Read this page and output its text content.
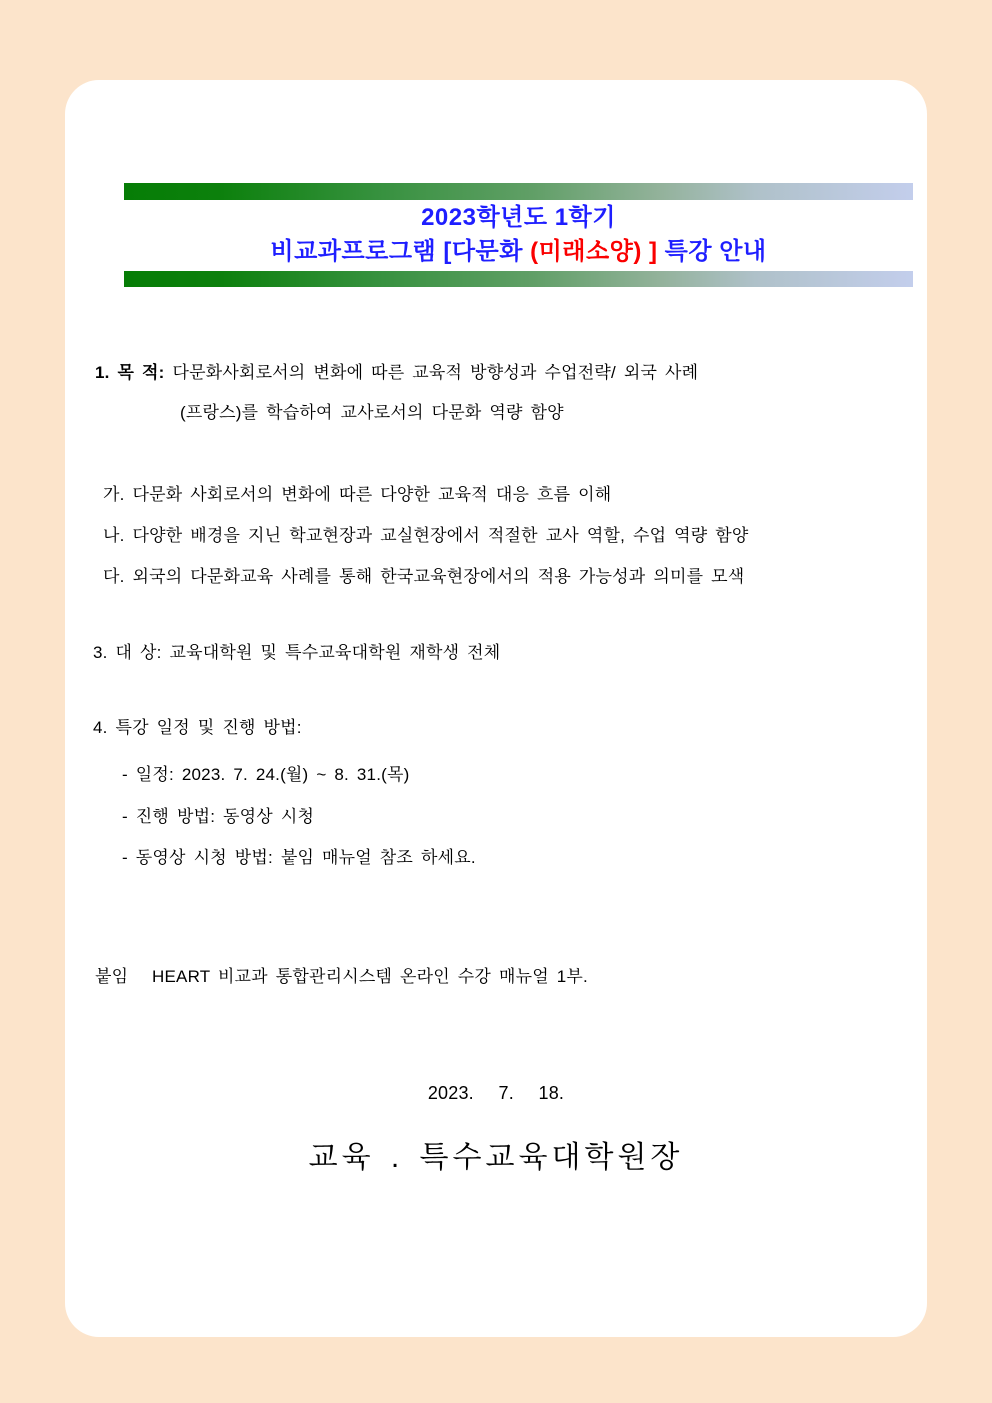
2023학년도 1학기
비교과프로그램 [다문화 (미래소양) ] 특강 안내
1. 목 적: 다문화사회로서의 변화에 따른 교육적 방향성과 수업전략/ 외국 사례
(프랑스)를 학습하여 교사로서의 다문화 역량 함양
가. 다문화 사회로서의 변화에 따른 다양한 교육적 대응 흐름 이해
나. 다양한 배경을 지닌 학교현장과 교실현장에서 적절한 교사 역할, 수업 역량 함양
다. 외국의 다문화교육 사례를 통해 한국교육현장에서의 적용 가능성과 의미를 모색
3. 대 상: 교육대학원 및 특수교육대학원 재학생 전체
4. 특강 일정 및 진행 방법:
- 일정: 2023. 7. 24.(월) ~ 8. 31.(목)
- 진행 방법: 동영상 시청
- 동영상 시청 방법: 붙임 매뉴얼 참조 하세요.
붙임   HEART 비교과 통합관리시스템 온라인 수강 매뉴얼 1부.
2023.   7.   18.
교육 . 특수교육대학원장
